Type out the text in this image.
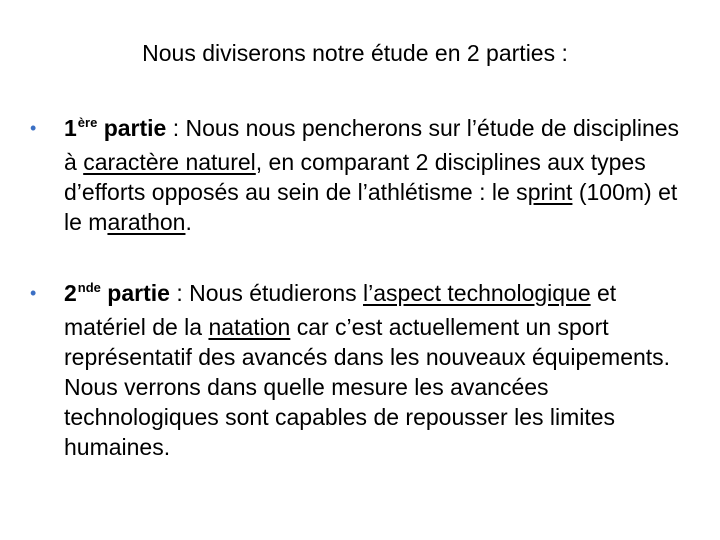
Nous diviserons notre étude en 2 parties :
•	1ère partie : Nous nous pencherons sur l’étude de disciplines à caractère naturel, en comparant 2 disciplines aux types d’efforts opposés au sein de l’athlétisme : le sprint (100m) et le marathon.
•	2nde partie : Nous étudierons l’aspect technologique et matériel de la natation car c’est actuellement un sport représentatif des avancés dans les nouveaux équipements. Nous verrons dans quelle mesure les avancées technologiques sont capables de repousser les limites humaines.
